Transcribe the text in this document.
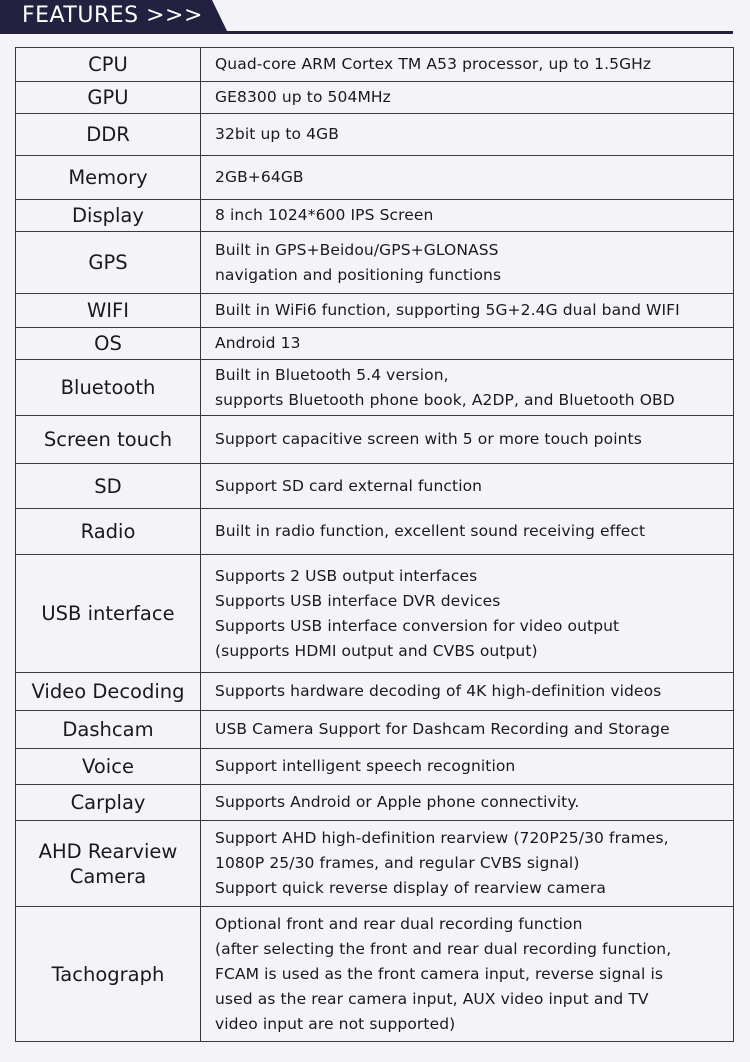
FEATURES >>>
CPU	Quad-core ARM Cortex TM A53 processor, up to 1.5GHz

GPU	GE8300 up to 504MHz

DDR	32bit up to 4GB

Memory	2GB+64GB

Display	8 inch 1024*600 IPS Screen

GPS	Built in GPS+Beidou/GPS+GLONASS
navigation and positioning functions

WIFI	Built in WiFi6 function, supporting 5G+2.4G dual band WIFI

OS	Android 13

Bluetooth	Built in Bluetooth 5.4 version,
supports Bluetooth phone book, A2DP, and Bluetooth OBD

Screen touch	Support capacitive screen with 5 or more touch points

SD	Support SD card external function

Radio	Built in radio function, excellent sound receiving effect

USB interface	Supports 2 USB output interfaces
Supports USB interface DVR devices
Supports USB interface conversion for video output
(supports HDMI output and CVBS output)

Video Decoding	Supports hardware decoding of 4K high-definition videos

Dashcam	USB Camera Support for Dashcam Recording and Storage

Voice	Support intelligent speech recognition

Carplay	Supports Android or Apple phone connectivity.

AHD Rearview
Camera	Support AHD high-definition rearview (720P25/30 frames,
1080P 25/30 frames, and regular CVBS signal)
Support quick reverse display of rearview camera

Tachograph	Optional front and rear dual recording function
(after selecting the front and rear dual recording function,
FCAM is used as the front camera input, reverse signal is
used as the rear camera input, AUX video input and TV
video input are not supported)
